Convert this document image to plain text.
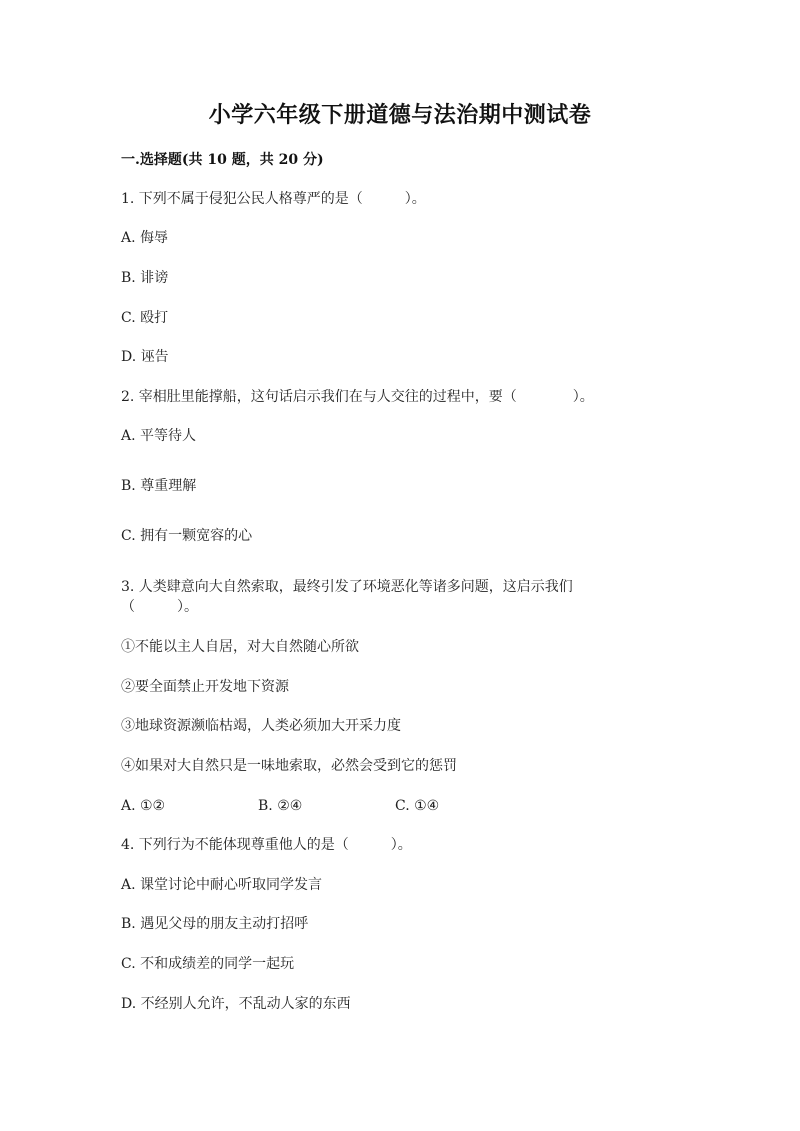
小学六年级下册道德与法治期中测试卷
一.选择题(共 10 题，共 20 分)
1. 下列不属于侵犯公民人格尊严的是（　　　）。
A. 侮辱
B. 诽谤
C. 殴打
D. 诬告
2. 宰相肚里能撑船，这句话启示我们在与人交往的过程中，要（　　　　）。
A. 平等待人
B. 尊重理解
C. 拥有一颗宽容的心
3. 人类肆意向大自然索取，最终引发了环境恶化等诸多问题，这启示我们
（　　　）。
①不能以主人自居，对大自然随心所欲
②要全面禁止开发地下资源
③地球资源濒临枯竭，人类必须加大开采力度
④如果对大自然只是一味地索取，必然会受到它的惩罚
A. ①②	B. ②④	C. ①④
4. 下列行为不能体现尊重他人的是（　　　）。
A. 课堂讨论中耐心听取同学发言
B. 遇见父母的朋友主动打招呼
C. 不和成绩差的同学一起玩
D. 不经别人允许，不乱动人家的东西
